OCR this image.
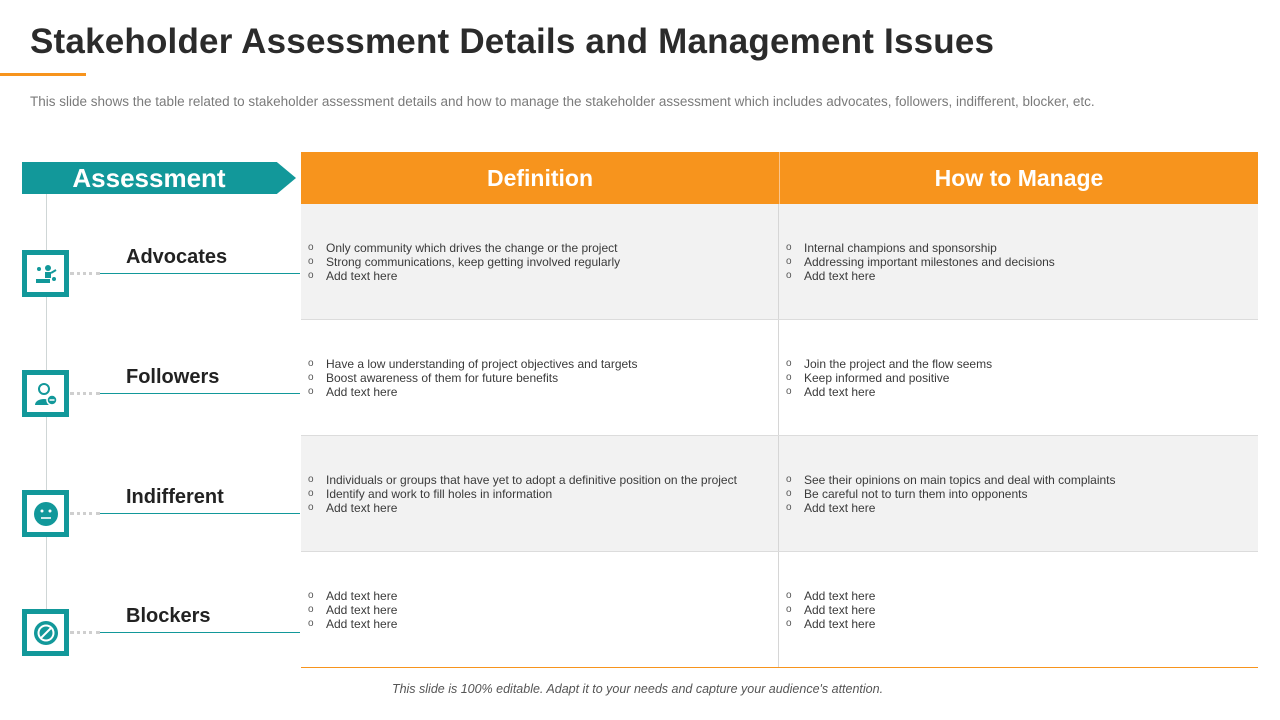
Stakeholder Assessment Details and Management Issues

This slide shows the table related to stakeholder assessment details and how to manage the stakeholder assessment which includes advocates, followers, indifferent, blocker, etc.

Assessment
Advocates
Followers
Indifferent
Blockers
Definition	How to Manage
o Only community which drives the change or the project
o Strong communications, keep getting involved regularly
o Add text here
o Internal champions and sponsorship
o Addressing important milestones and decisions
o Add text here
o Have a low understanding of project objectives and targets
o Boost awareness of them for future benefits
o Add text here
o Join the project and the flow seems
o Keep informed and positive
o Add text here
o Individuals or groups that have yet to adopt a definitive position on the project
o Identify and work to fill holes in information
o Add text here
o See their opinions on main topics and deal with complaints
o Be careful not to turn them into opponents
o Add text here
o Add text here
o Add text here
o Add text here
o Add text here
o Add text here
o Add text here
This slide is 100% editable. Adapt it to your needs and capture your audience's attention.
